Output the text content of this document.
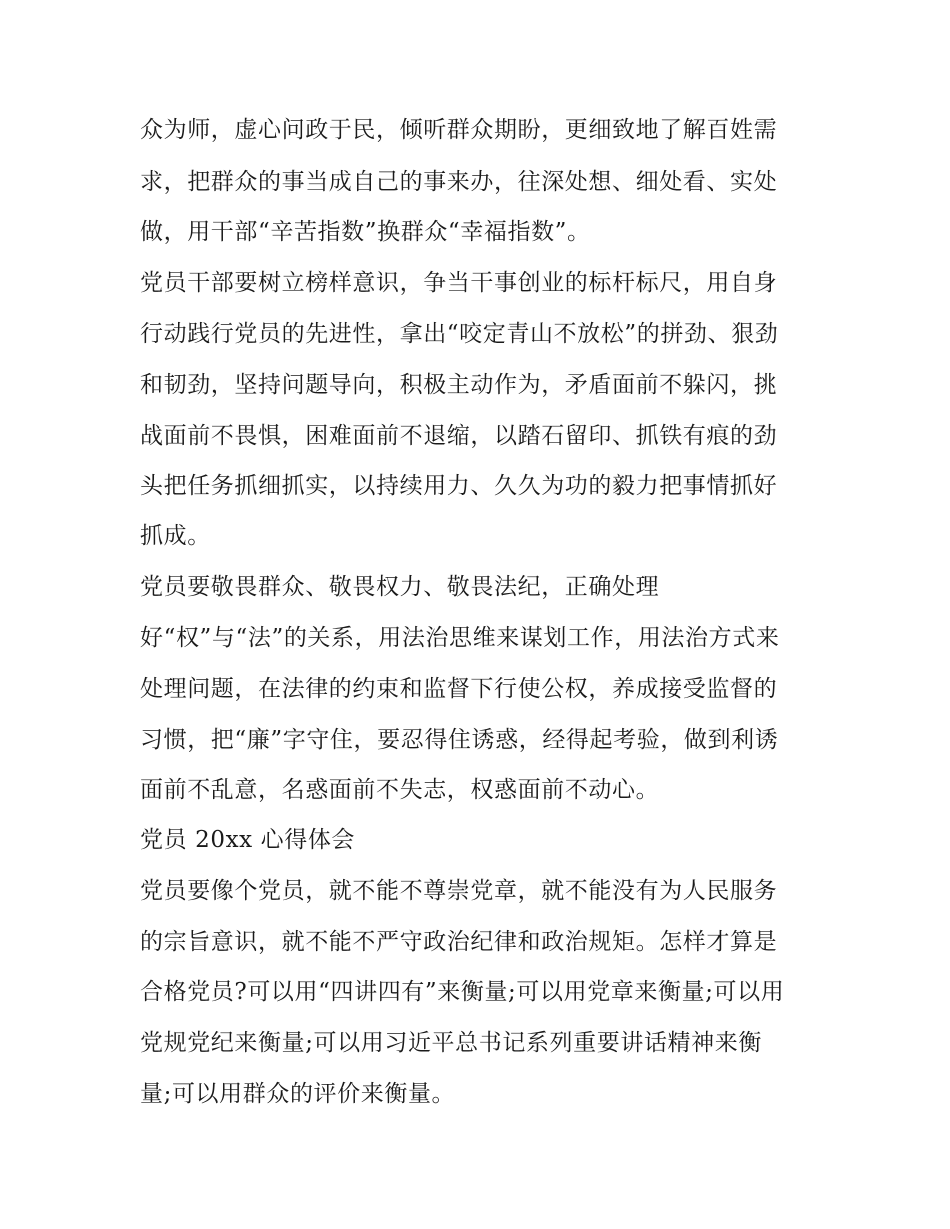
众为师，虚心问政于民，倾听群众期盼，更细致地了解百姓需
求，把群众的事当成自己的事来办，往深处想、细处看、实处
做，用干部“辛苦指数”换群众“幸福指数”。
党员干部要树立榜样意识，争当干事创业的标杆标尺，用自身
行动践行党员的先进性，拿出“咬定青山不放松”的拼劲、狠劲
和韧劲，坚持问题导向，积极主动作为，矛盾面前不躲闪，挑
战面前不畏惧，困难面前不退缩，以踏石留印、抓铁有痕的劲
头把任务抓细抓实，以持续用力、久久为功的毅力把事情抓好
抓成。
党员要敬畏群众、敬畏权力、敬畏法纪，正确处理
好“权”与“法”的关系，用法治思维来谋划工作，用法治方式来
处理问题，在法律的约束和监督下行使公权，养成接受监督的
习惯，把“廉”字守住，要忍得住诱惑，经得起考验，做到利诱
面前不乱意，名惑面前不失志，权惑面前不动心。
党员 20xx 心得体会
党员要像个党员，就不能不尊崇党章，就不能没有为人民服务
的宗旨意识，就不能不严守政治纪律和政治规矩。怎样才算是
合格党员?可以用“四讲四有”来衡量;可以用党章来衡量;可以用
党规党纪来衡量;可以用习近平总书记系列重要讲话精神来衡
量;可以用群众的评价来衡量。
